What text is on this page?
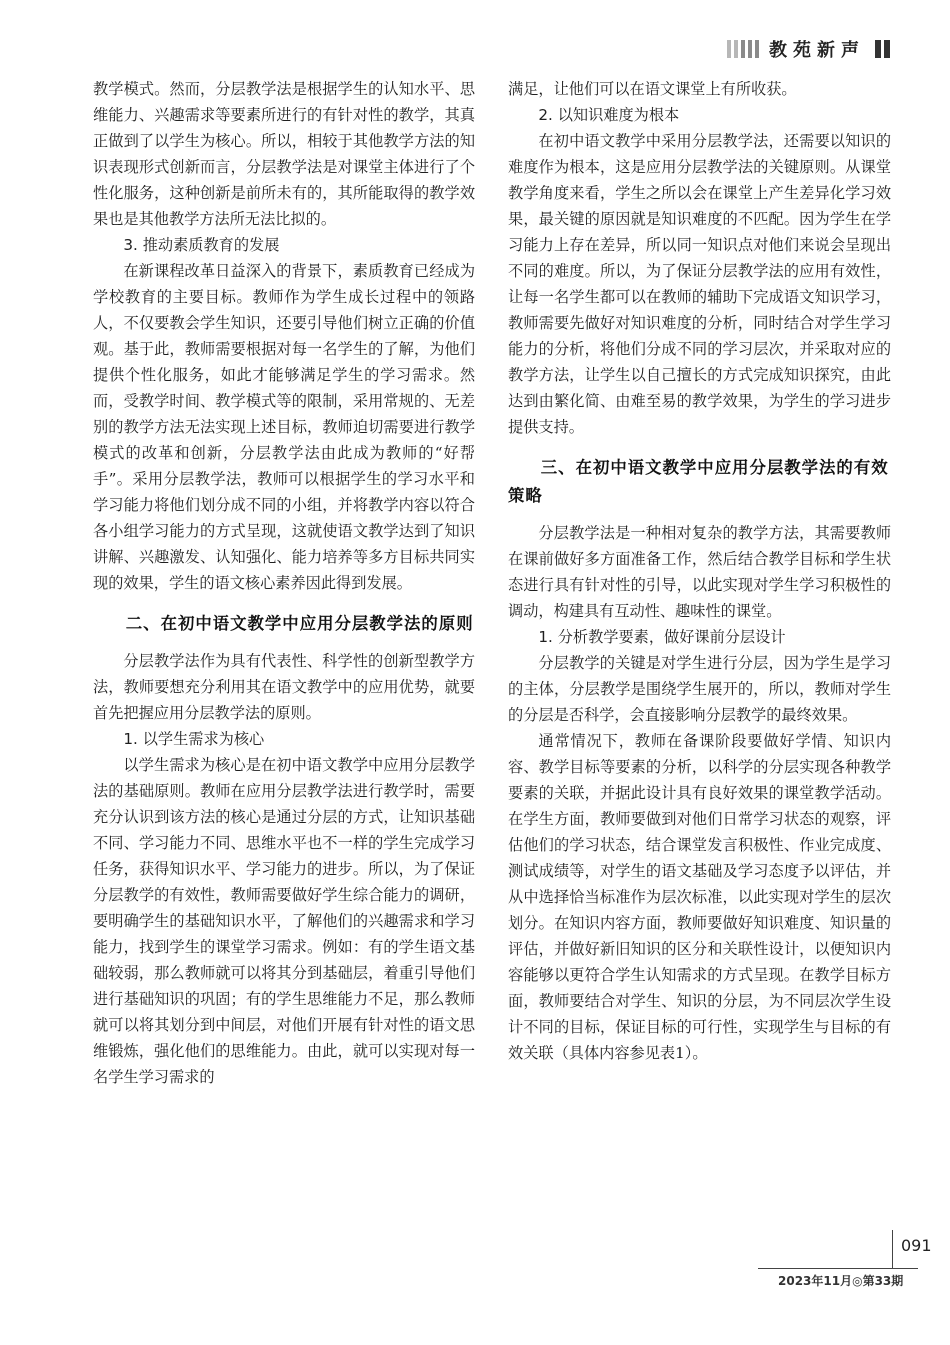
教苑新声

教学模式。然而，分层教学法是根据学生的认知水平、思维能力、兴趣需求等要素所进行的有针对性的教学，其真正做到了以学生为核心。所以，相较于其他教学方法的知识表现形式创新而言，分层教学法是对课堂主体进行了个性化服务，这种创新是前所未有的，其所能取得的教学效果也是其他教学方法所无法比拟的。

3. 推动素质教育的发展

在新课程改革日益深入的背景下，素质教育已经成为学校教育的主要目标。教师作为学生成长过程中的领路人，不仅要教会学生知识，还要引导他们树立正确的价值观。基于此，教师需要根据对每一名学生的了解，为他们提供个性化服务，如此才能够满足学生的学习需求。然而，受教学时间、教学模式等的限制，采用常规的、无差别的教学方法无法实现上述目标，教师迫切需要进行教学模式的改革和创新，分层教学法由此成为教师的“好帮手”。采用分层教学法，教师可以根据学生的学习水平和学习能力将他们划分成不同的小组，并将教学内容以符合各小组学习能力的方式呈现，这就使语文教学达到了知识讲解、兴趣激发、认知强化、能力培养等多方目标共同实现的效果，学生的语文核心素养因此得到发展。

二、在初中语文教学中应用分层教学法的原则

分层教学法作为具有代表性、科学性的创新型教学方法，教师要想充分利用其在语文教学中的应用优势，就要首先把握应用分层教学法的原则。

1. 以学生需求为核心

以学生需求为核心是在初中语文教学中应用分层教学法的基础原则。教师在应用分层教学法进行教学时，需要充分认识到该方法的核心是通过分层的方式，让知识基础不同、学习能力不同、思维水平也不一样的学生完成学习任务，获得知识水平、学习能力的进步。所以，为了保证分层教学的有效性，教师需要做好学生综合能力的调研，要明确学生的基础知识水平，了解他们的兴趣需求和学习能力，找到学生的课堂学习需求。例如：有的学生语文基础较弱，那么教师就可以将其分到基础层，着重引导他们进行基础知识的巩固；有的学生思维能力不足，那么教师就可以将其划分到中间层，对他们开展有针对性的语文思维锻炼，强化他们的思维能力。由此，就可以实现对每一名学生学习需求的

满足，让他们可以在语文课堂上有所收获。

2. 以知识难度为根本

在初中语文教学中采用分层教学法，还需要以知识的难度作为根本，这是应用分层教学法的关键原则。从课堂教学角度来看，学生之所以会在课堂上产生差异化学习效果，最关键的原因就是知识难度的不匹配。因为学生在学习能力上存在差异，所以同一知识点对他们来说会呈现出不同的难度。所以，为了保证分层教学法的应用有效性，让每一名学生都可以在教师的辅助下完成语文知识学习，教师需要先做好对知识难度的分析，同时结合对学生学习能力的分析，将他们分成不同的学习层次，并采取对应的教学方法，让学生以自己擅长的方式完成知识探究，由此达到由繁化简、由难至易的教学效果，为学生的学习进步提供支持。

三、在初中语文教学中应用分层教学法的有效策略

分层教学法是一种相对复杂的教学方法，其需要教师在课前做好多方面准备工作，然后结合教学目标和学生状态进行具有针对性的引导，以此实现对学生学习积极性的调动，构建具有互动性、趣味性的课堂。

1. 分析教学要素，做好课前分层设计

分层教学的关键是对学生进行分层，因为学生是学习的主体，分层教学是围绕学生展开的，所以，教师对学生的分层是否科学，会直接影响分层教学的最终效果。

通常情况下，教师在备课阶段要做好学情、知识内容、教学目标等要素的分析，以科学的分层实现各种教学要素的关联，并据此设计具有良好效果的课堂教学活动。在学生方面，教师要做到对他们日常学习状态的观察，评估他们的学习状态，结合课堂发言积极性、作业完成度、测试成绩等，对学生的语文基础及学习态度予以评估，并从中选择恰当标准作为层次标准，以此实现对学生的层次划分。在知识内容方面，教师要做好知识难度、知识量的评估，并做好新旧知识的区分和关联性设计，以便知识内容能够以更符合学生认知需求的方式呈现。在教学目标方面，教师要结合对学生、知识的分层，为不同层次学生设计不同的目标，保证目标的可行性，实现学生与目标的有效关联（具体内容参见表1）。

091
2023年11月◎第33期
